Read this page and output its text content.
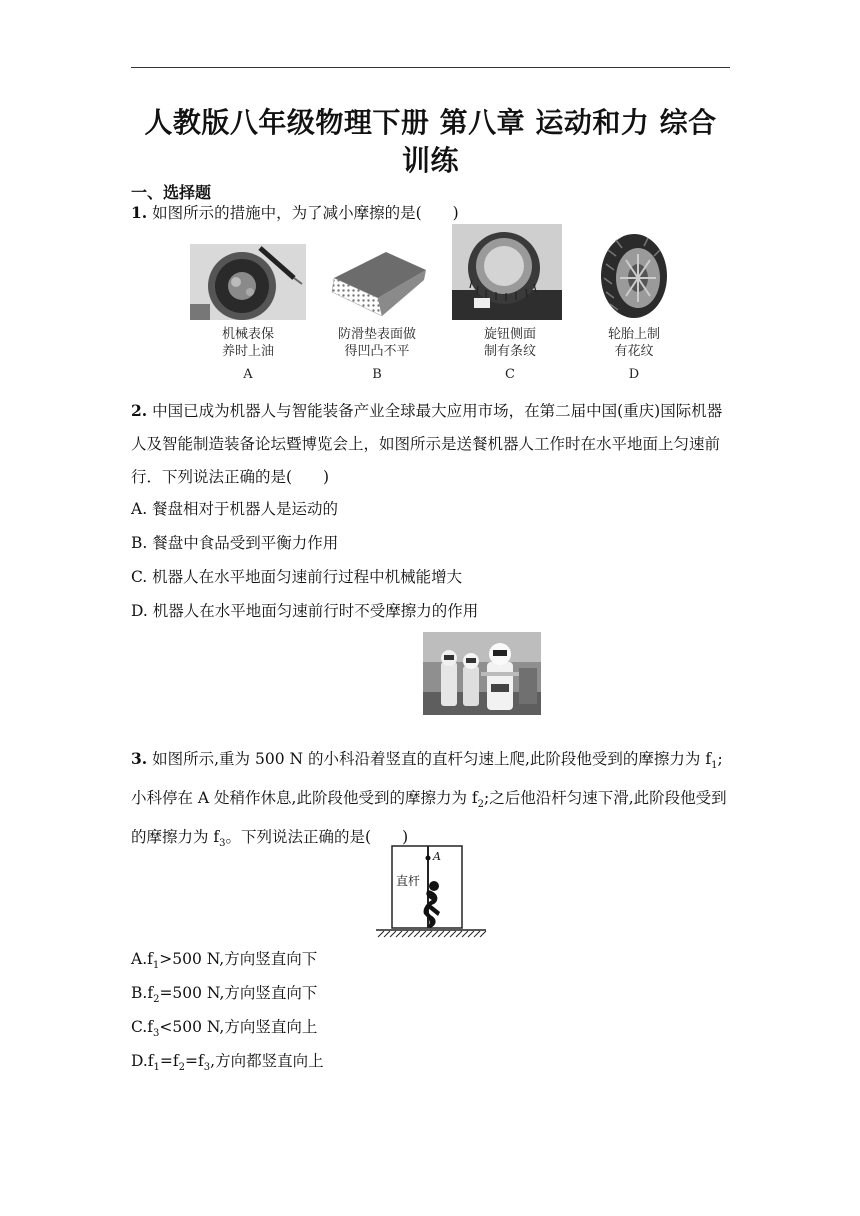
人教版八年级物理下册 第八章 运动和力 综合训练
一、选择题
1. 如图所示的措施中，为了减小摩擦的是(　　)
机械表保
养时上油
A
防滑垫表面做
得凹凸不平
B
旋钮侧面
制有条纹
C
轮胎上制
有花纹
D
2. 中国已成为机器人与智能装备产业全球最大应用市场，在第二届中国(重庆)国际机器人及智能制造装备论坛暨博览会上，如图所示是送餐机器人工作时在水平地面上匀速前行．下列说法正确的是(　　)
A. 餐盘相对于机器人是运动的
B. 餐盘中食品受到平衡力作用
C. 机器人在水平地面匀速前行过程中机械能增大
D. 机器人在水平地面匀速前行时不受摩擦力的作用
3. 如图所示,重为 500 N 的小科沿着竖直的直杆匀速上爬,此阶段他受到的摩擦力为 $f_1$;小科停在 A 处稍作休息,此阶段他受到的摩擦力为 $f_2$;之后他沿杆匀速下滑,此阶段他受到的摩擦力为 $f_3$。下列说法正确的是(　　)
A
直杆
$A.f_1>500$ N,方向竖直向下
$B.f_2=500$ N,方向竖直向下
$C.f_3<500$ N,方向竖直向上
$D.f_1=f_2=f_3$,方向都竖直向上
